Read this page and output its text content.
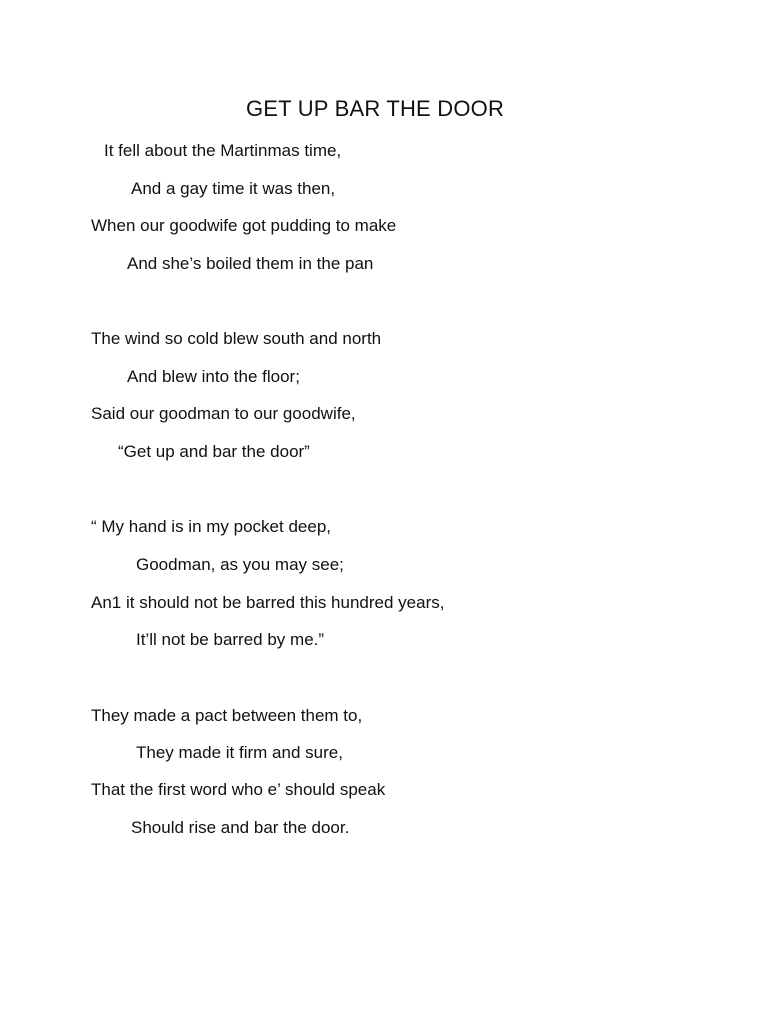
GET UP BAR THE DOOR
It fell about the Martinmas time,
And a gay time it was then,
When our goodwife got pudding to make
And she’s boiled them in the pan
The wind so cold blew south and north
And blew into the floor;
Said our goodman to our goodwife,
“Get up and bar the door”
“ My hand is in my pocket deep,
Goodman, as you may see;
An1 it should not be barred this hundred years,
It’ll not be barred by me.”
They made a pact between them to,
They made it firm and sure,
That the first word who e’ should speak
Should rise and bar the door.
